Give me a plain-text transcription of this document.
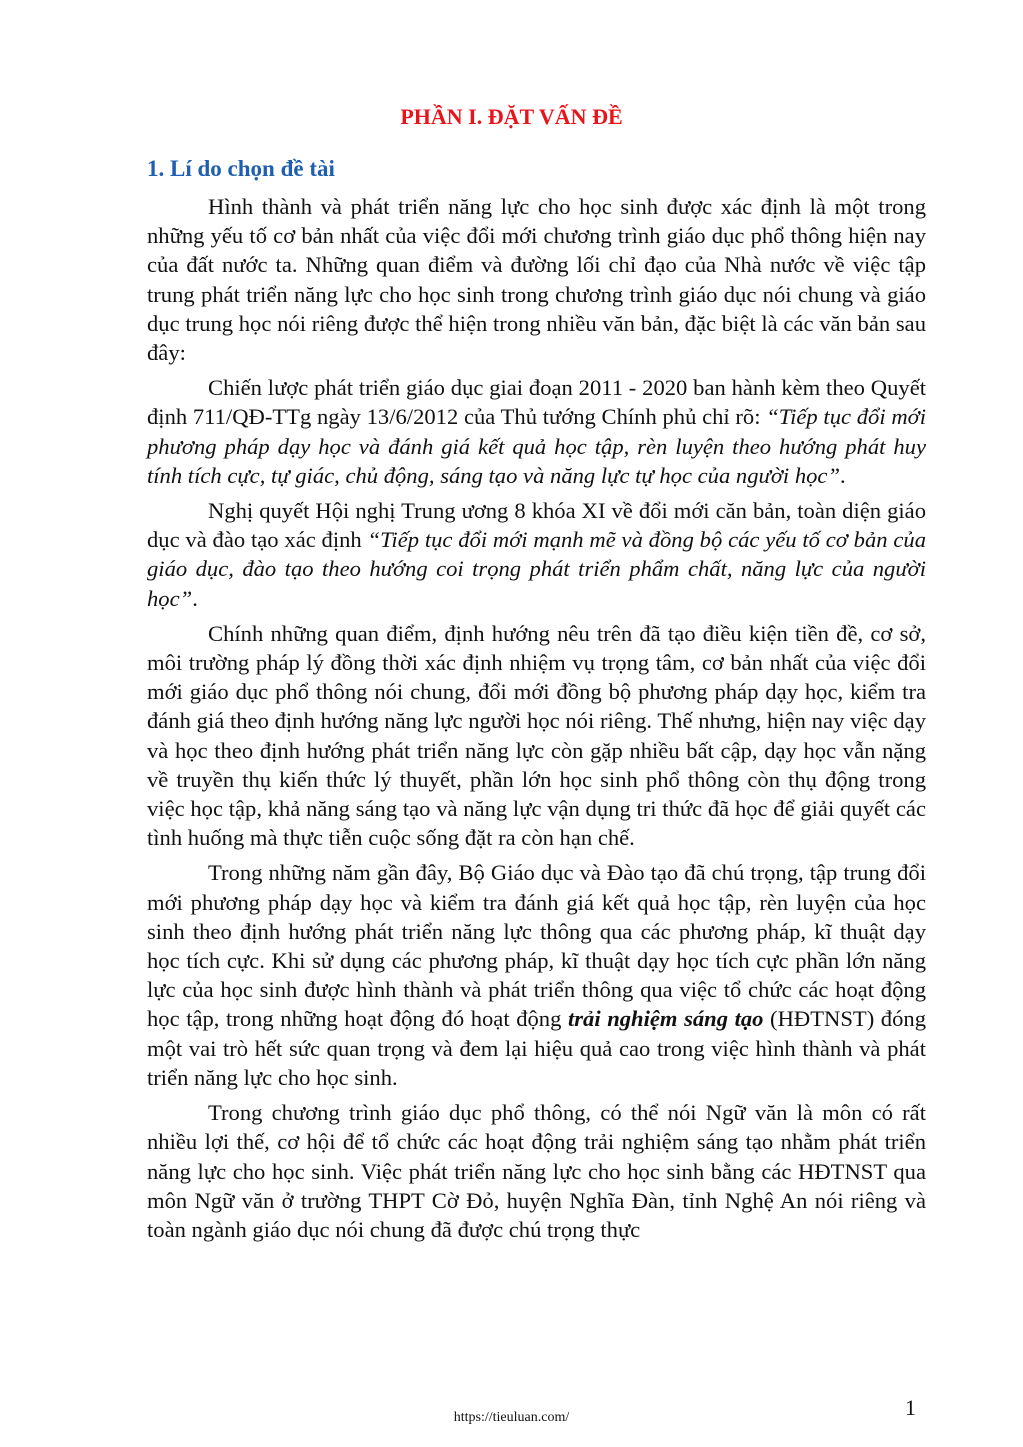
PHẦN I. ĐẶT VẤN ĐỀ
1. Lí do chọn đề tài

Hình thành và phát triển năng lực cho học sinh được xác định là một trong những yếu tố cơ bản nhất của việc đổi mới chương trình giáo dục phổ thông hiện nay của đất nước ta. Những quan điểm và đường lối chỉ đạo của Nhà nước về việc tập trung phát triển năng lực cho học sinh trong chương trình giáo dục nói chung và giáo dục trung học nói riêng được thể hiện trong nhiều văn bản, đặc biệt là các văn bản sau đây:

Chiến lược phát triển giáo dục giai đoạn 2011 - 2020 ban hành kèm theo Quyết định 711/QĐ-TTg ngày 13/6/2012 của Thủ tướng Chính phủ chỉ rõ: “Tiếp tục đổi mới phương pháp dạy học và đánh giá kết quả học tập, rèn luyện theo hướng phát huy tính tích cực, tự giác, chủ động, sáng tạo và năng lực tự học của người học”.

Nghị quyết Hội nghị Trung ương 8 khóa XI về đổi mới căn bản, toàn diện giáo dục và đào tạo xác định “Tiếp tục đổi mới mạnh mẽ và đồng bộ các yếu tố cơ bản của giáo dục, đào tạo theo hướng coi trọng phát triển phẩm chất, năng lực của người học”.

Chính những quan điểm, định hướng nêu trên đã tạo điều kiện tiền đề, cơ sở, môi trường pháp lý đồng thời xác định nhiệm vụ trọng tâm, cơ bản nhất của việc đổi mới giáo dục phổ thông nói chung, đổi mới đồng bộ phương pháp dạy học, kiểm tra đánh giá theo định hướng năng lực người học nói riêng. Thế nhưng, hiện nay việc dạy và học theo định hướng phát triển năng lực còn gặp nhiều bất cập, dạy học vẫn nặng về truyền thụ kiến thức lý thuyết, phần lớn học sinh phổ thông còn thụ động trong việc học tập, khả năng sáng tạo và năng lực vận dụng tri thức đã học để giải quyết các tình huống mà thực tiễn cuộc sống đặt ra còn hạn chế.

Trong những năm gần đây, Bộ Giáo dục và Đào tạo đã chú trọng, tập trung đổi mới phương pháp dạy học và kiểm tra đánh giá kết quả học tập, rèn luyện của học sinh theo định hướng phát triển năng lực thông qua các phương pháp, kĩ thuật dạy học tích cực. Khi sử dụng các phương pháp, kĩ thuật dạy học tích cực phần lớn năng lực của học sinh được hình thành và phát triển thông qua việc tổ chức các hoạt động học tập, trong những hoạt động đó hoạt động trải nghiệm sáng tạo (HĐTNST) đóng một vai trò hết sức quan trọng và đem lại hiệu quả cao trong việc hình thành và phát triển năng lực cho học sinh.

Trong chương trình giáo dục phổ thông, có thể nói Ngữ văn là môn có rất nhiều lợi thế, cơ hội để tổ chức các hoạt động trải nghiệm sáng tạo nhằm phát triển năng lực cho học sinh. Việc phát triển năng lực cho học sinh bằng các HĐTNST qua môn Ngữ văn ở trường THPT Cờ Đỏ, huyện Nghĩa Đàn, tỉnh Nghệ An nói riêng và toàn ngành giáo dục nói chung đã được chú trọng thực

1
https://tieuluan.com/
